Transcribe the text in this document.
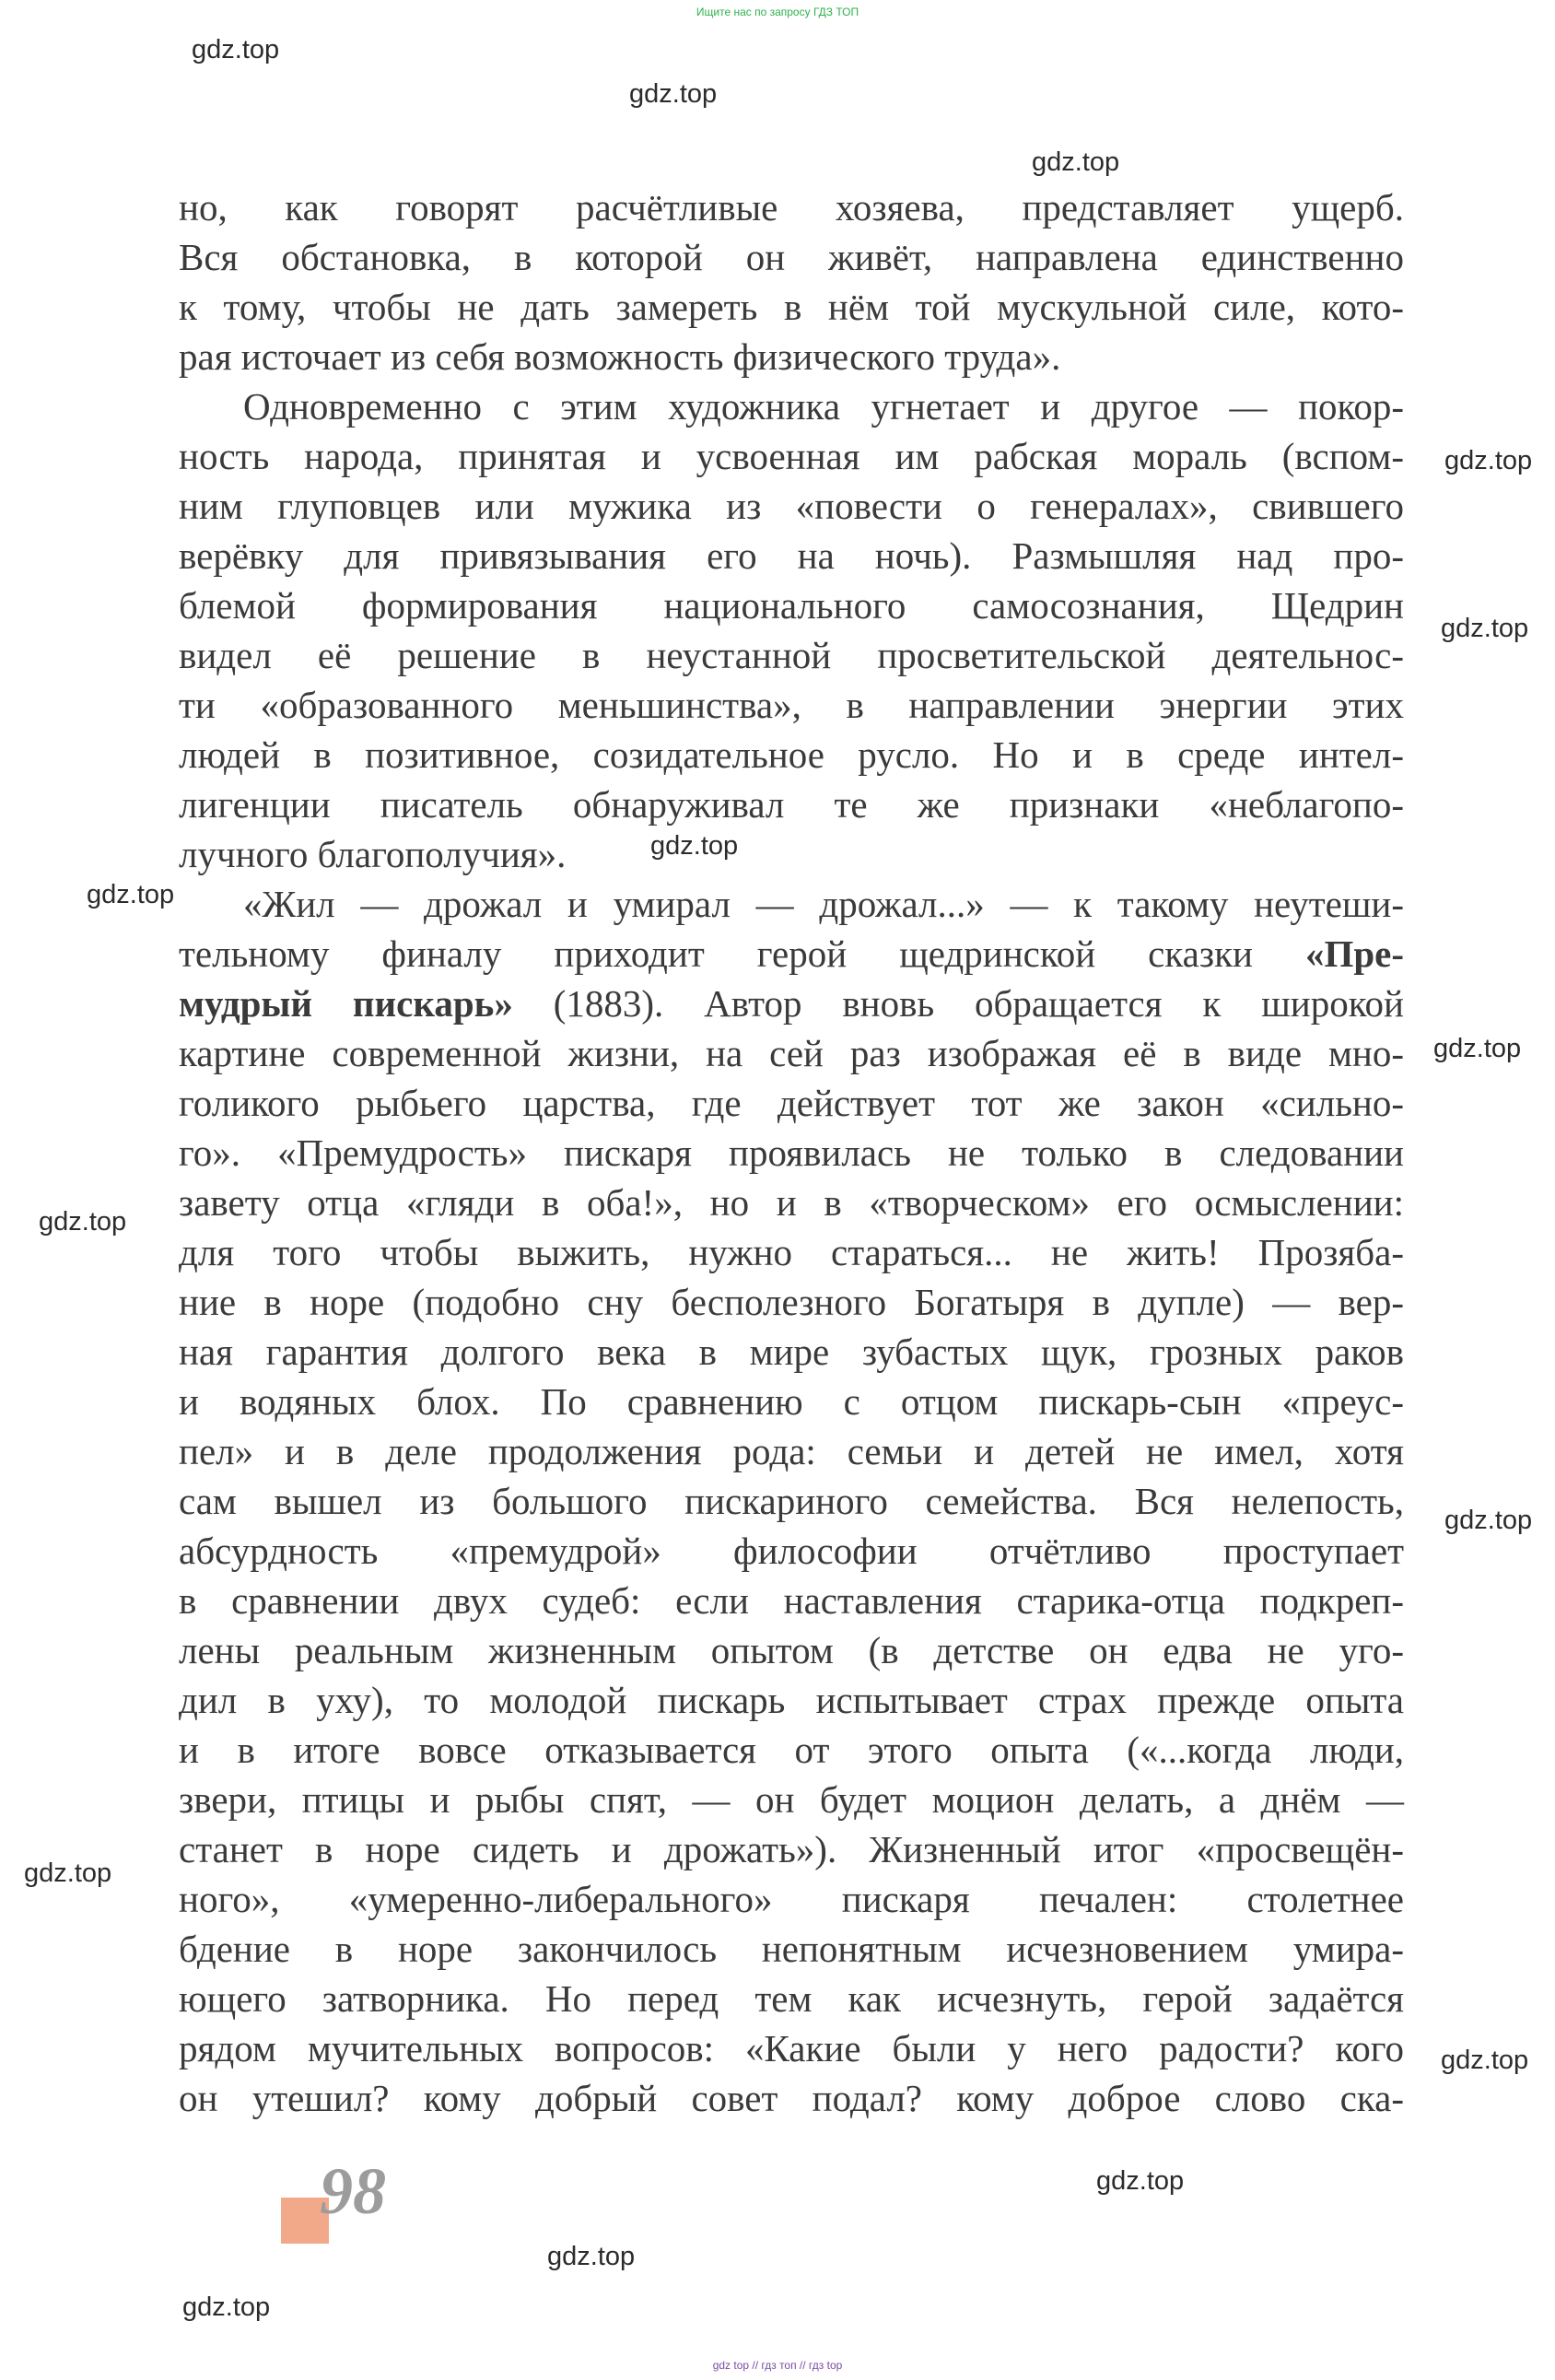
Ищите нас по запросу ГДЗ ТОП
gdz.top
gdz.top
gdz.top
gdz.top
gdz.top
gdz.top
gdz.top
gdz.top
gdz.top
gdz.top
gdz.top
gdz.top
gdz.top
gdz.top
gdz.top
но, как говорят расчётливые хозяева, представляет ущерб.
Вся обстановка, в которой он живёт, направлена единственно
к тому, чтобы не дать замереть в нём той мускульной силе, кото-
рая источает из себя возможность физического труда».
Одновременно с этим художника угнетает и другое — покор-
ность народа, принятая и усвоенная им рабская мораль (вспом-
ним глуповцев или мужика из «повести о генералах», свившего
верёвку для привязывания его на ночь). Размышляя над про-
блемой формирования национального самосознания, Щедрин
видел её решение в неустанной просветительской деятельнос-
ти «образованного меньшинства», в направлении энергии этих
людей в позитивное, созидательное русло. Но и в среде интел-
лигенции писатель обнаруживал те же признаки «неблагопо-
лучного благополучия».
«Жил — дрожал и умирал — дрожал...» — к такому неутеши-
тельному финалу приходит герой щедринской сказки «Пре-
мудрый пискарь» (1883). Автор вновь обращается к широкой
картине современной жизни, на сей раз изображая её в виде мно-
голикого рыбьего царства, где действует тот же закон «сильно-
го». «Премудрость» пискаря проявилась не только в следовании
завету отца «гляди в оба!», но и в «творческом» его осмыслении:
для того чтобы выжить, нужно стараться... не жить! Прозяба-
ние в норе (подобно сну бесполезного Богатыря в дупле) — вер-
ная гарантия долгого века в мире зубастых щук, грозных раков
и водяных блох. По сравнению с отцом пискарь-сын «преус-
пел» и в деле продолжения рода: семьи и детей не имел, хотя
сам вышел из большого пискариного семейства. Вся нелепость,
абсурдность «премудрой» философии отчётливо проступает
в сравнении двух судеб: если наставления старика-отца подкреп-
лены реальным жизненным опытом (в детстве он едва не уго-
дил в уху), то молодой пискарь испытывает страх прежде опыта
и в итоге вовсе отказывается от этого опыта («...когда люди,
звери, птицы и рыбы спят, — он будет моцион делать, а днём —
станет в норе сидеть и дрожать»). Жизненный итог «просвещён-
ного», «умеренно-либерального» пискаря печален: столетнее
бдение в норе закончилось непонятным исчезновением умира-
ющего затворника. Но перед тем как исчезнуть, герой задаётся
рядом мучительных вопросов: «Какие были у него радости? кого
он утешил? кому добрый совет подал? кому доброе слово ска-
98
gdz top // гдз топ // гдз top
